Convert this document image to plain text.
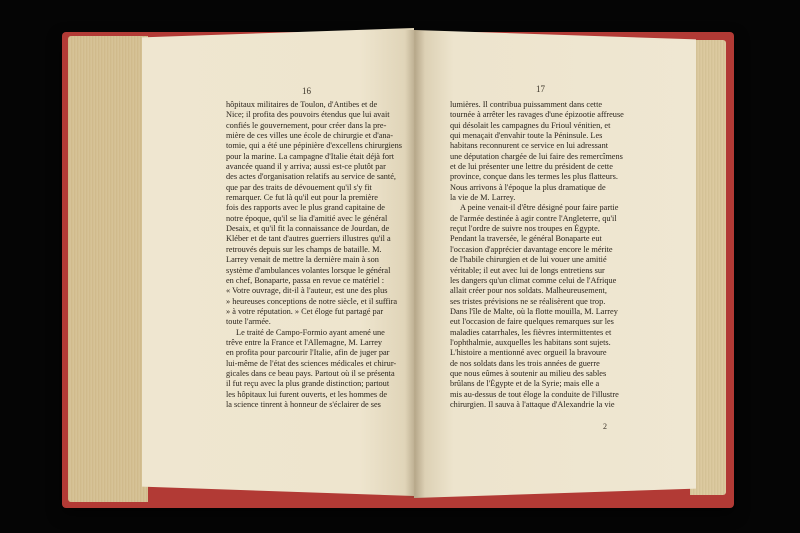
16	17
hôpitaux militaires de Toulon, d'Antibes et de
Nice; il profita des pouvoirs étendus que lui avait
confiés le gouvernement, pour créer dans la pre-
mière de ces villes une école de chirurgie et d'ana-
tomie, qui a été une pépinière d'excellens chirurgiens
pour la marine. La campagne d'Italie était déjà fort
avancée quand il y arriva; aussi est-ce plutôt par
des actes d'organisation relatifs au service de santé,
que par des traits de dévouement qu'il s'y fit
remarquer. Ce fut là qu'il eut pour la première
fois des rapports avec le plus grand capitaine de
notre époque, qu'il se lia d'amitié avec le général
Desaix, et qu'il fit la connaissance de Jourdan, de
Kléber et de tant d'autres guerriers illustres qu'il a
retrouvés depuis sur les champs de bataille. M.
Larrey venait de mettre la dernière main à son
système d'ambulances volantes lorsque le général
en chef, Bonaparte, passa en revue ce matériel :
« Votre ouvrage, dit-il à l'auteur, est une des plus
» heureuses conceptions de notre siècle, et il suffira
» à votre réputation. » Cet éloge fut partagé par
toute l'armée.
Le traité de Campo-Formio ayant amené une
trêve entre la France et l'Allemagne, M. Larrey
en profita pour parcourir l'Italie, afin de juger par
lui-même de l'état des sciences médicales et chirur-
gicales dans ce beau pays. Partout où il se présenta
il fut reçu avec la plus grande distinction; partout
les hôpitaux lui furent ouverts, et les hommes de
la science tinrent à honneur de s'éclairer de ses
lumières. Il contribua puissamment dans cette
tournée à arrêter les ravages d'une épizootie affreuse
qui désolait les campagnes du Frioul vénitien, et
qui menaçait d'envahir toute la Péninsule. Les
habitans reconnurent ce service en lui adressant
une députation chargée de lui faire des remercîmens
et de lui présenter une lettre du président de cette
province, conçue dans les termes les plus flatteurs.
Nous arrivons à l'époque la plus dramatique de
la vie de M. Larrey.
A peine venait-il d'être désigné pour faire partie
de l'armée destinée à agir contre l'Angleterre, qu'il
reçut l'ordre de suivre nos troupes en Égypte.
Pendant la traversée, le général Bonaparte eut
l'occasion d'apprécier davantage encore le mérite
de l'habile chirurgien et de lui vouer une amitié
véritable; il eut avec lui de longs entretiens sur
les dangers qu'un climat comme celui de l'Afrique
allait créer pour nos soldats. Malheureusement,
ses tristes prévisions ne se réalisèrent que trop.
Dans l'île de Malte, où la flotte mouilla, M. Larrey
eut l'occasion de faire quelques remarques sur les
maladies catarrhales, les fièvres intermittentes et
l'ophthalmie, auxquelles les habitans sont sujets.
L'histoire a mentionné avec orgueil la bravoure
de nos soldats dans les trois années de guerre
que nous eûmes à soutenir au milieu des sables
brûlans de l'Égypte et de la Syrie; mais elle a
mis au-dessus de tout éloge la conduite de l'illustre
chirurgien. Il sauva à l'attaque d'Alexandrie la vie
2
